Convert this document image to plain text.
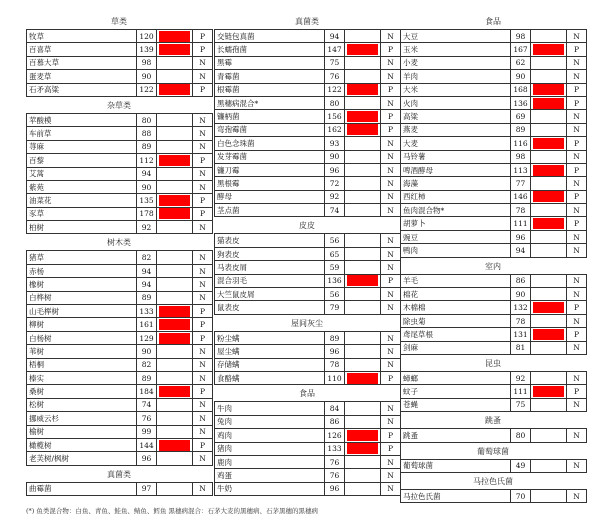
草类
牧草	120		P
百喜草	139		P
百慕大草	98		N
蛋麦草	90		N
石矛高粱	122		P
杂草类
苹酸模	80		N
车前草	88		N
荨麻	89		N
百黎	112		P
艾蒿	94		N
紫苑	90		N
油菜花	135		P
豕草	178		P
柏树	92		N
树木类
猪草	82		N
赤杨	94		N
橡树	94		N
白桦树	89		N
山毛榉树	133		P
柳树	161		P
白杨树	129		P
苇树	90		N
梧桐	82		N
榛实	89		N
桑树	184		P
松树	74		N
挪威云杉	76		N
榆树	99		N
橄榄树	144		P
老芙树/枫树	96		N
真菌类
曲霉菌	97		N
真菌类
交链包真菌	94		N
长蠕孢菌	147		P
黑霉	75		N
青霉菌	76		N
根霉菌	122		P
黑穗病混合*	80		N
镰柄菌	156		P
弯孢霉菌	162		P
白色念珠菌	93		N
发芽霉菌	90		N
镰刀霉	96		N
黑根霉	72		N
酵母	92		N
茎点菌	74		N
皮皮
猫表皮	56		N
狗表皮	65		N
马表皮屑	59		N
混合羽毛	136		P
大竺鼠皮屑	56		N
鼠表皮	79		N
屋间灰尘
粉尘螨	89		N
屋尘螨	96		N
存储螨	78		N
食酪螨	110		P
食品
牛肉	84		N
兔肉	86		N
鸡肉	126		P
猪肉	133		P
鹿肉	76		N
鸡蛋	76		N
牛奶	96		N
食品
大豆	98		N
玉米	167		P
小麦	62		N
羊肉	90		N
大米	168		P
火肉	136		P
高粱	69		N
燕麦	89		N
大麦	116		P
马铃薯	98		N
啤酒酵母	113		P
海藻	77		N
西红柿	146		P
鱼肉混合物*	78		N
胡萝卜	111		P
豌豆	96		N
鸭肉	94		N
室内
羊毛	86		N
棉花	90		N
木棉棉	132		P
除虫菊	78		N
鸢尾草根	131		P
剑麻	81		N
昆虫
蟑螂	92		N
蚊子	111		P
苍蝇	75		N
跳蚤
跳蚤	80		N
葡萄球菌
葡萄球菌	49		N
马拉色氏菌
马拉色氏菌	70		N
(*) 鱼类混合物：白鱼、青鱼、鲑鱼、鲭鱼、鳕鱼 黑穗病混合：石茅大麦的黑穗病、石茅黑穗的黑穗病
